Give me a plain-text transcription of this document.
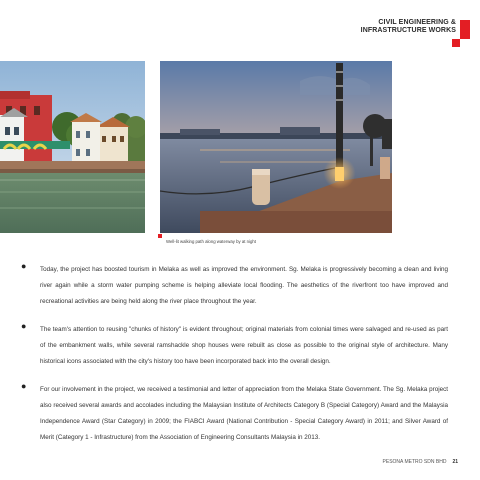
CIVIL ENGINEERING &
INFRASTRUCTURE WORKS
Well-lit walking path along waterway by at night
● Today, the project has boosted tourism in Melaka as well as improved the environment. Sg. Melaka is progressively becoming a clean and living river again while a storm water pumping scheme is helping alleviate local flooding. The aesthetics of the riverfront too have improved and recreational activities are being held along the river place throughout the year.
● The team's attention to reusing "chunks of history" is evident throughout; original materials from colonial times were salvaged and re-used as part of the embankment walls, while several ramshackle shop houses were rebuilt as close as possible to the original style of architecture. Many historical icons associated with the city's history too have been incorporated back into the overall design.
● For our involvement in the project, we received a testimonial and letter of appreciation from the Melaka State Government. The Sg. Melaka project also received several awards and accolades including the Malaysian Institute of Architects Category B (Special Category) Award and the Malaysia Independence Award (Star Category) in 2009; the FIABCI Award (National Contribution - Special Category Award) in 2011; and Silver Award of Merit (Category 1 - Infrastructure) from the Association of Engineering Consultants Malaysia in 2013.
PESONA METRO SDN BHD 21
